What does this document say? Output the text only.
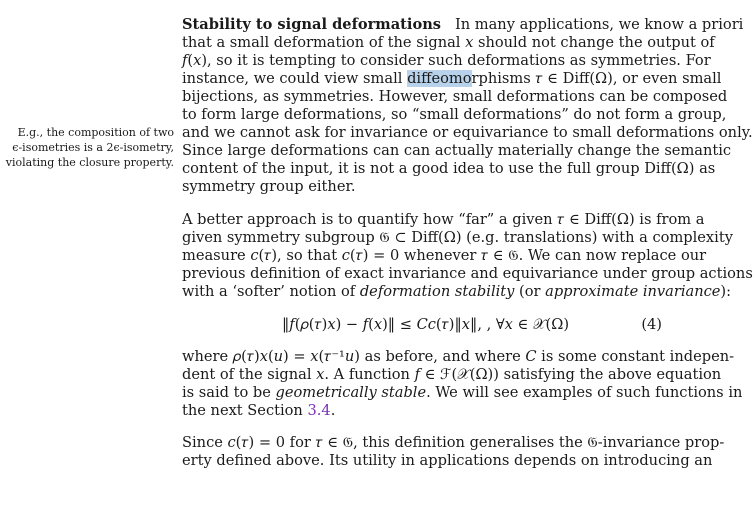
E.g., the composition of two
ϵ-isometries is a 2ϵ-isometry,
violating the closure property.
Stability to signal deformations In many applications, we know a priori
that a small deformation of the signal 𝑥 should not change the output of
𝑓(𝑥), so it is tempting to consider such deformations as symmetries. For
instance, we could view small diffeomorphisms 𝜏 ∈ Diff(Ω), or even small
bijections, as symmetries. However, small deformations can be composed
to form large deformations, so “small deformations” do not form a group,
and we cannot ask for invariance or equivariance to small deformations only.
Since large deformations can can actually materially change the semantic
content of the input, it is not a good idea to use the full group Diff(Ω) as
symmetry group either.
A better approach is to quantify how “far” a given 𝜏 ∈ Diff(Ω) is from a
given symmetry subgroup 𝔊 ⊂ Diff(Ω) (e.g. translations) with a complexity
measure 𝑐(𝜏), so that 𝑐(𝜏) = 0 whenever 𝜏 ∈ 𝔊. We can now replace our
previous definition of exact invariance and equivariance under group actions
with a ‘softer’ notion of deformation stability (or approximate invariance):
‖𝑓(𝜌(𝜏)𝑥) − 𝑓(𝑥)‖ ≤ 𝐶𝑐(𝜏)‖𝑥‖, , ∀𝑥 ∈ 𝒳(Ω)	(4)
where 𝜌(𝜏)𝑥(𝑢) = 𝑥(𝜏⁻¹𝑢) as before, and where 𝐶 is some constant indepen-
dent of the signal 𝑥. A function 𝑓 ∈ ℱ(𝒳(Ω)) satisfying the above equation
is said to be geometrically stable. We will see examples of such functions in
the next Section 3.4.
Since 𝑐(𝜏) = 0 for 𝜏 ∈ 𝔊, this definition generalises the 𝔊-invariance prop-
erty defined above. Its utility in applications depends on introducing an
